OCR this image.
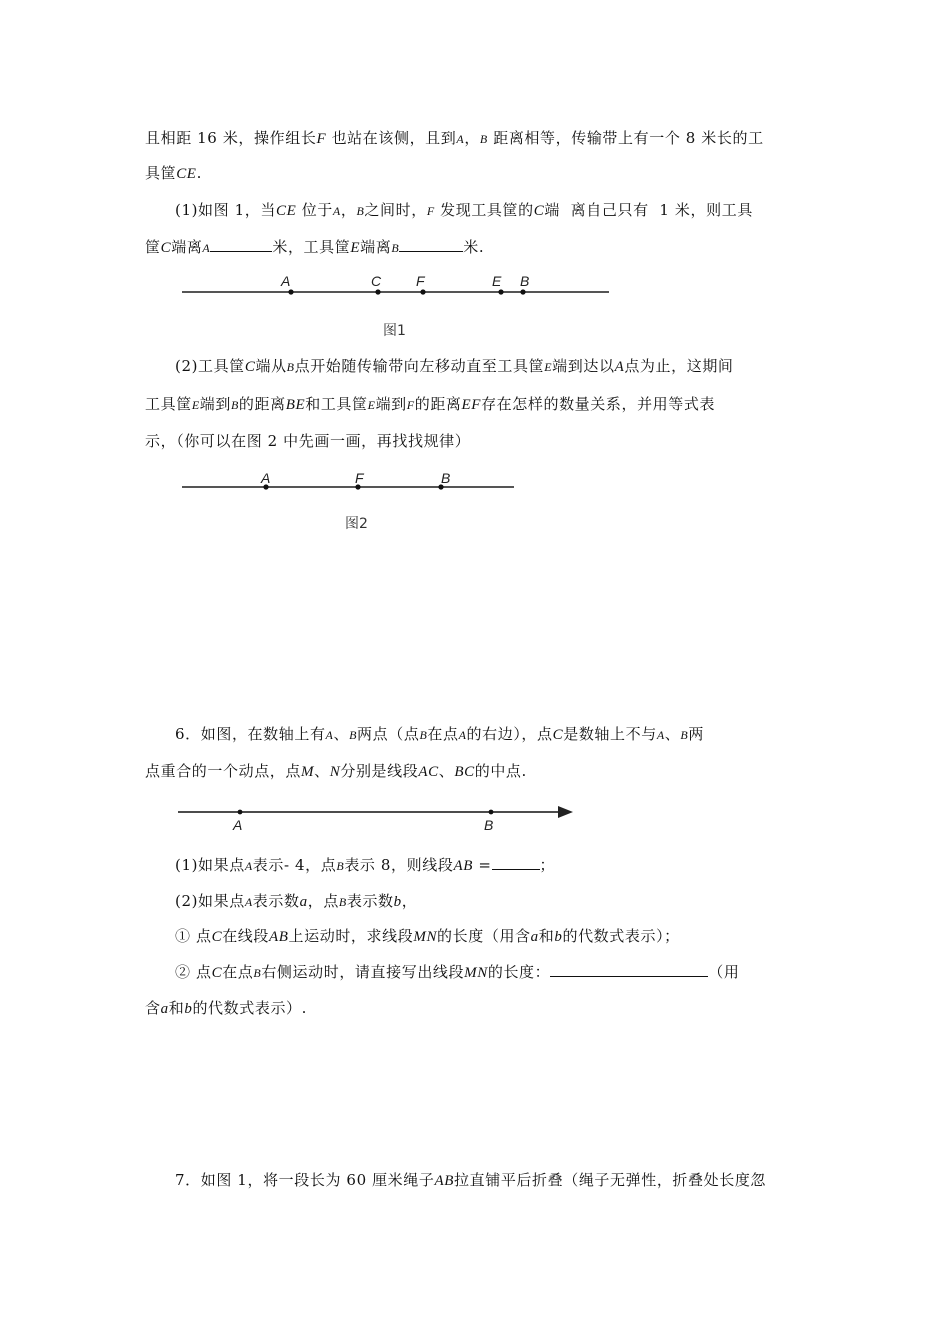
且相距 16 米，操作组长F 也站在该侧，且到A，B 距离相等，传输带上有一个 8 米长的工
具筐CE.
(1)如图 1，当CE 位于A，B之间时，F 发现工具筐的C端  离自己只有  1 米，则工具
筐C端离A	米，工具筐E端离B	米.
A	C F	E B
A	F	B
A	B
图1
(2)工具筐C端从B点开始随传输带向左移动直至工具筐E端到达以A点为止，这期间
工具筐E端到B的距离BE和工具筐E端到F的距离EF存在怎样的数量关系，并用等式表
示，（你可以在图 2 中先画一画，再找找规律）
图2
6．如图，在数轴上有A、B两点（点B在点A的右边），点C是数轴上不与A、B两
点重合的一个动点，点M、N分别是线段AC、BC的中点.
(1)如果点A表示- 4，点B表示 8，则线段AB =	；
(2)如果点A表示数a，点B表示数b，
① 点C在线段AB上运动时，求线段MN的长度（用含a和b的代数式表示）；
② 点C在点B右侧运动时，请直接写出线段MN的长度：	（用
含a和b的代数式表示）.
7．如图 1，将一段长为 60 厘米绳子AB拉直铺平后折叠（绳子无弹性，折叠处长度忽
